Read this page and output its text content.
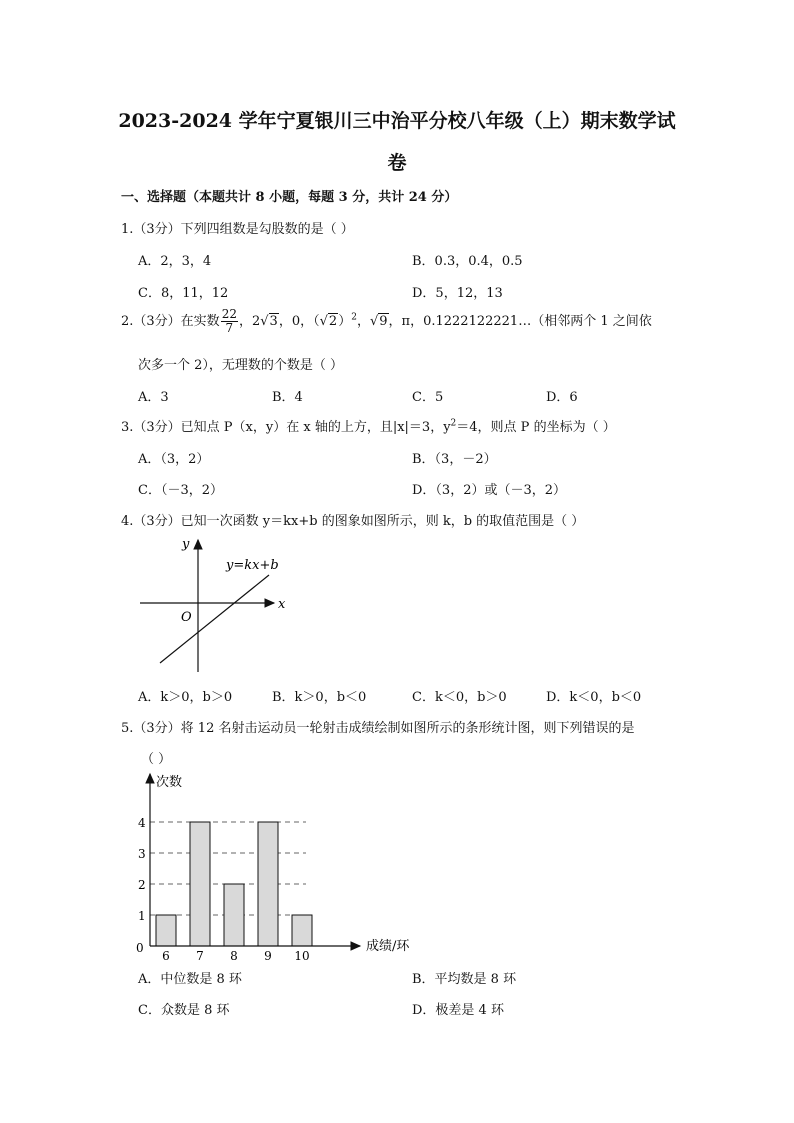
2023-2024 学年宁夏银川三中治平分校八年级（上）期末数学试
卷
一、选择题（本题共计 8 小题，每题 3 分，共计 24 分）
1.（3分）下列四组数是勾股数的是（ ）
A．2，3，4	B．0.3，0.4，0.5
C．8，11，12	D．5，12，13
2.（3分）在实数 $\frac{22}{7}$ ，2√3，0，$(√2)^2$，√9，π，0.1222122221…（相邻两个 1 之间依
次多一个 2），无理数的个数是（ ）
A．3	B．4	C．5	D．6
3.（3分）已知点 P（x，y）在 x 轴的上方，且|x|＝3，$y^2=4$，则点 P 的坐标为（ ）
A．（3，2）	B．（3，－2）
C．（－3，2）	D．（3，2）或（－3，2）
4.（3分）已知一次函数 y＝kx+b 的图象如图所示，则 k，b 的取值范围是（ ）
y
x
O
y=kx+b
A．k＞0，b＞0	B．k＞0，b＜0	C．k＜0，b＞0	D．k＜0，b＜0
5.（3分）将 12 名射击运动员一轮射击成绩绘制如图所示的条形统计图，则下列错误的是
（ ）
次数
成绩/环
0
1
2
3
4
6 7 8 9 10
A．中位数是 8 环	B．平均数是 8 环
C．众数是 8 环	D．极差是 4 环
